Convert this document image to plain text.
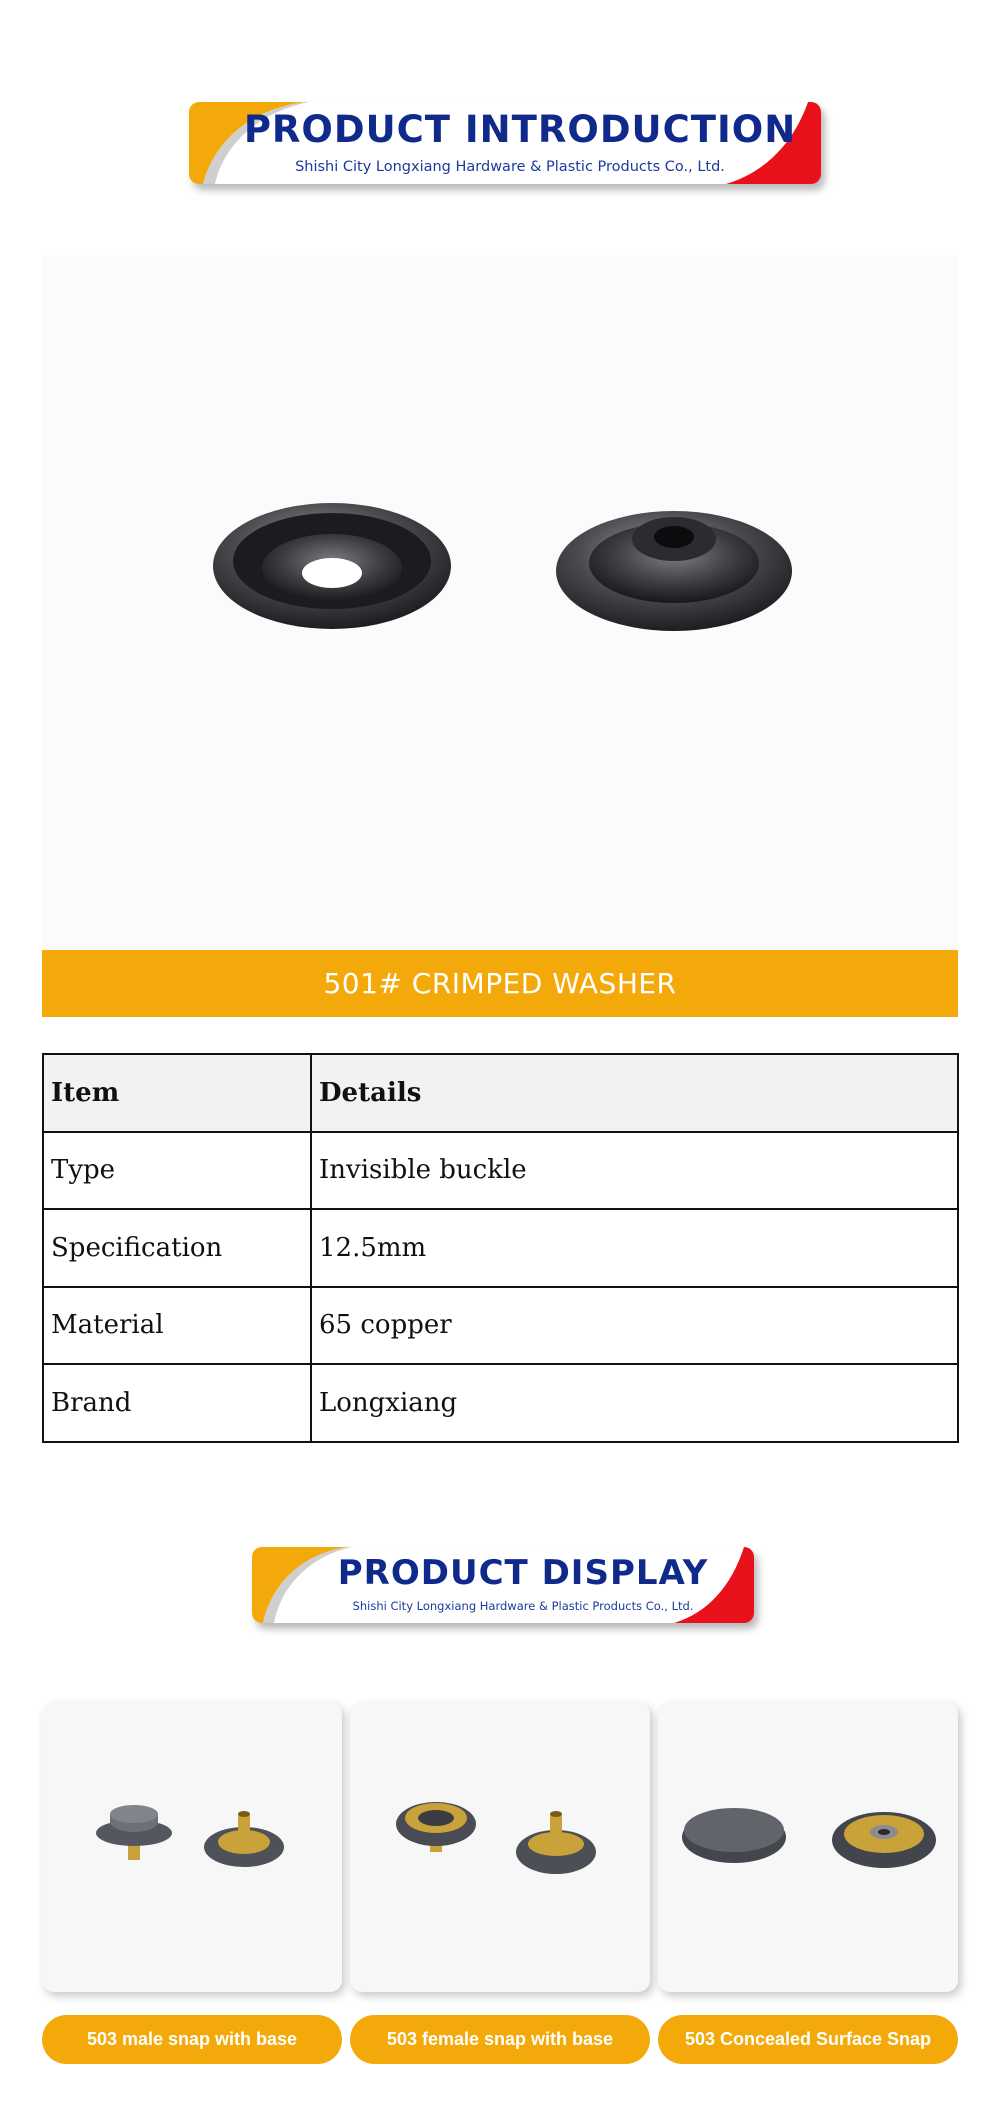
PRODUCT INTRODUCTION
Shishi City Longxiang Hardware & Plastic Products Co., Ltd.
501# CRIMPED WASHER
Item	Details
Type	Invisible buckle
Specification	12.5mm
Material	65 copper
Brand	Longxiang
PRODUCT DISPLAY
Shishi City Longxiang Hardware & Plastic Products Co., Ltd.
503 male snap with base	503 female snap with base	503 Concealed Surface Snap
